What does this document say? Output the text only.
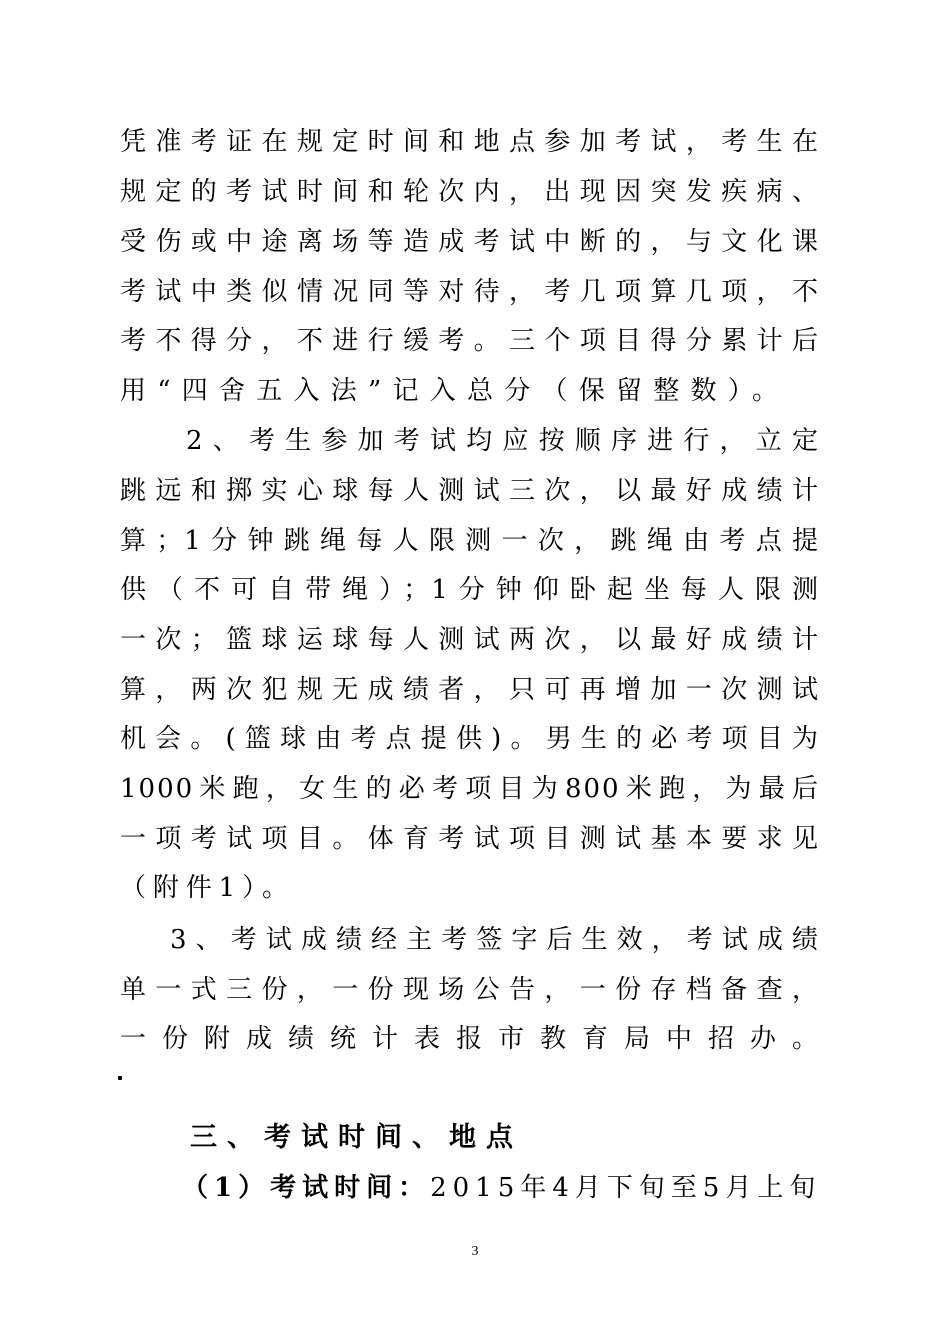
凭准考证在规定时间和地点参加考试，考生在
规定的考试时间和轮次内，出现因突发疾病、
受伤或中途离场等造成考试中断的，与文化课
考试中类似情况同等对待，考几项算几项，不
考不得分，不进行缓考。三个项目得分累计后
用“四舍五入法”记入总分（保留整数）。
2、考生参加考试均应按顺序进行，立定
跳远和掷实心球每人测试三次，以最好成绩计
算；1分钟跳绳每人限测一次，跳绳由考点提
供（不可自带绳）；1分钟仰卧起坐每人限测
一次；篮球运球每人测试两次，以最好成绩计
算，两次犯规无成绩者，只可再增加一次测试
机会。(篮球由考点提供)。男生的必考项目为
1000米跑，女生的必考项目为800米跑，为最后
一项考试项目。体育考试项目测试基本要求见
（附件1）。
3、考试成绩经主考签字后生效，考试成绩
单一式三份，一份现场公告，一份存档备查，
一份附成绩统计表报市教育局中招办。
三、考试时间、地点
（1）考试时间：2015年4月下旬至5月上旬
3
